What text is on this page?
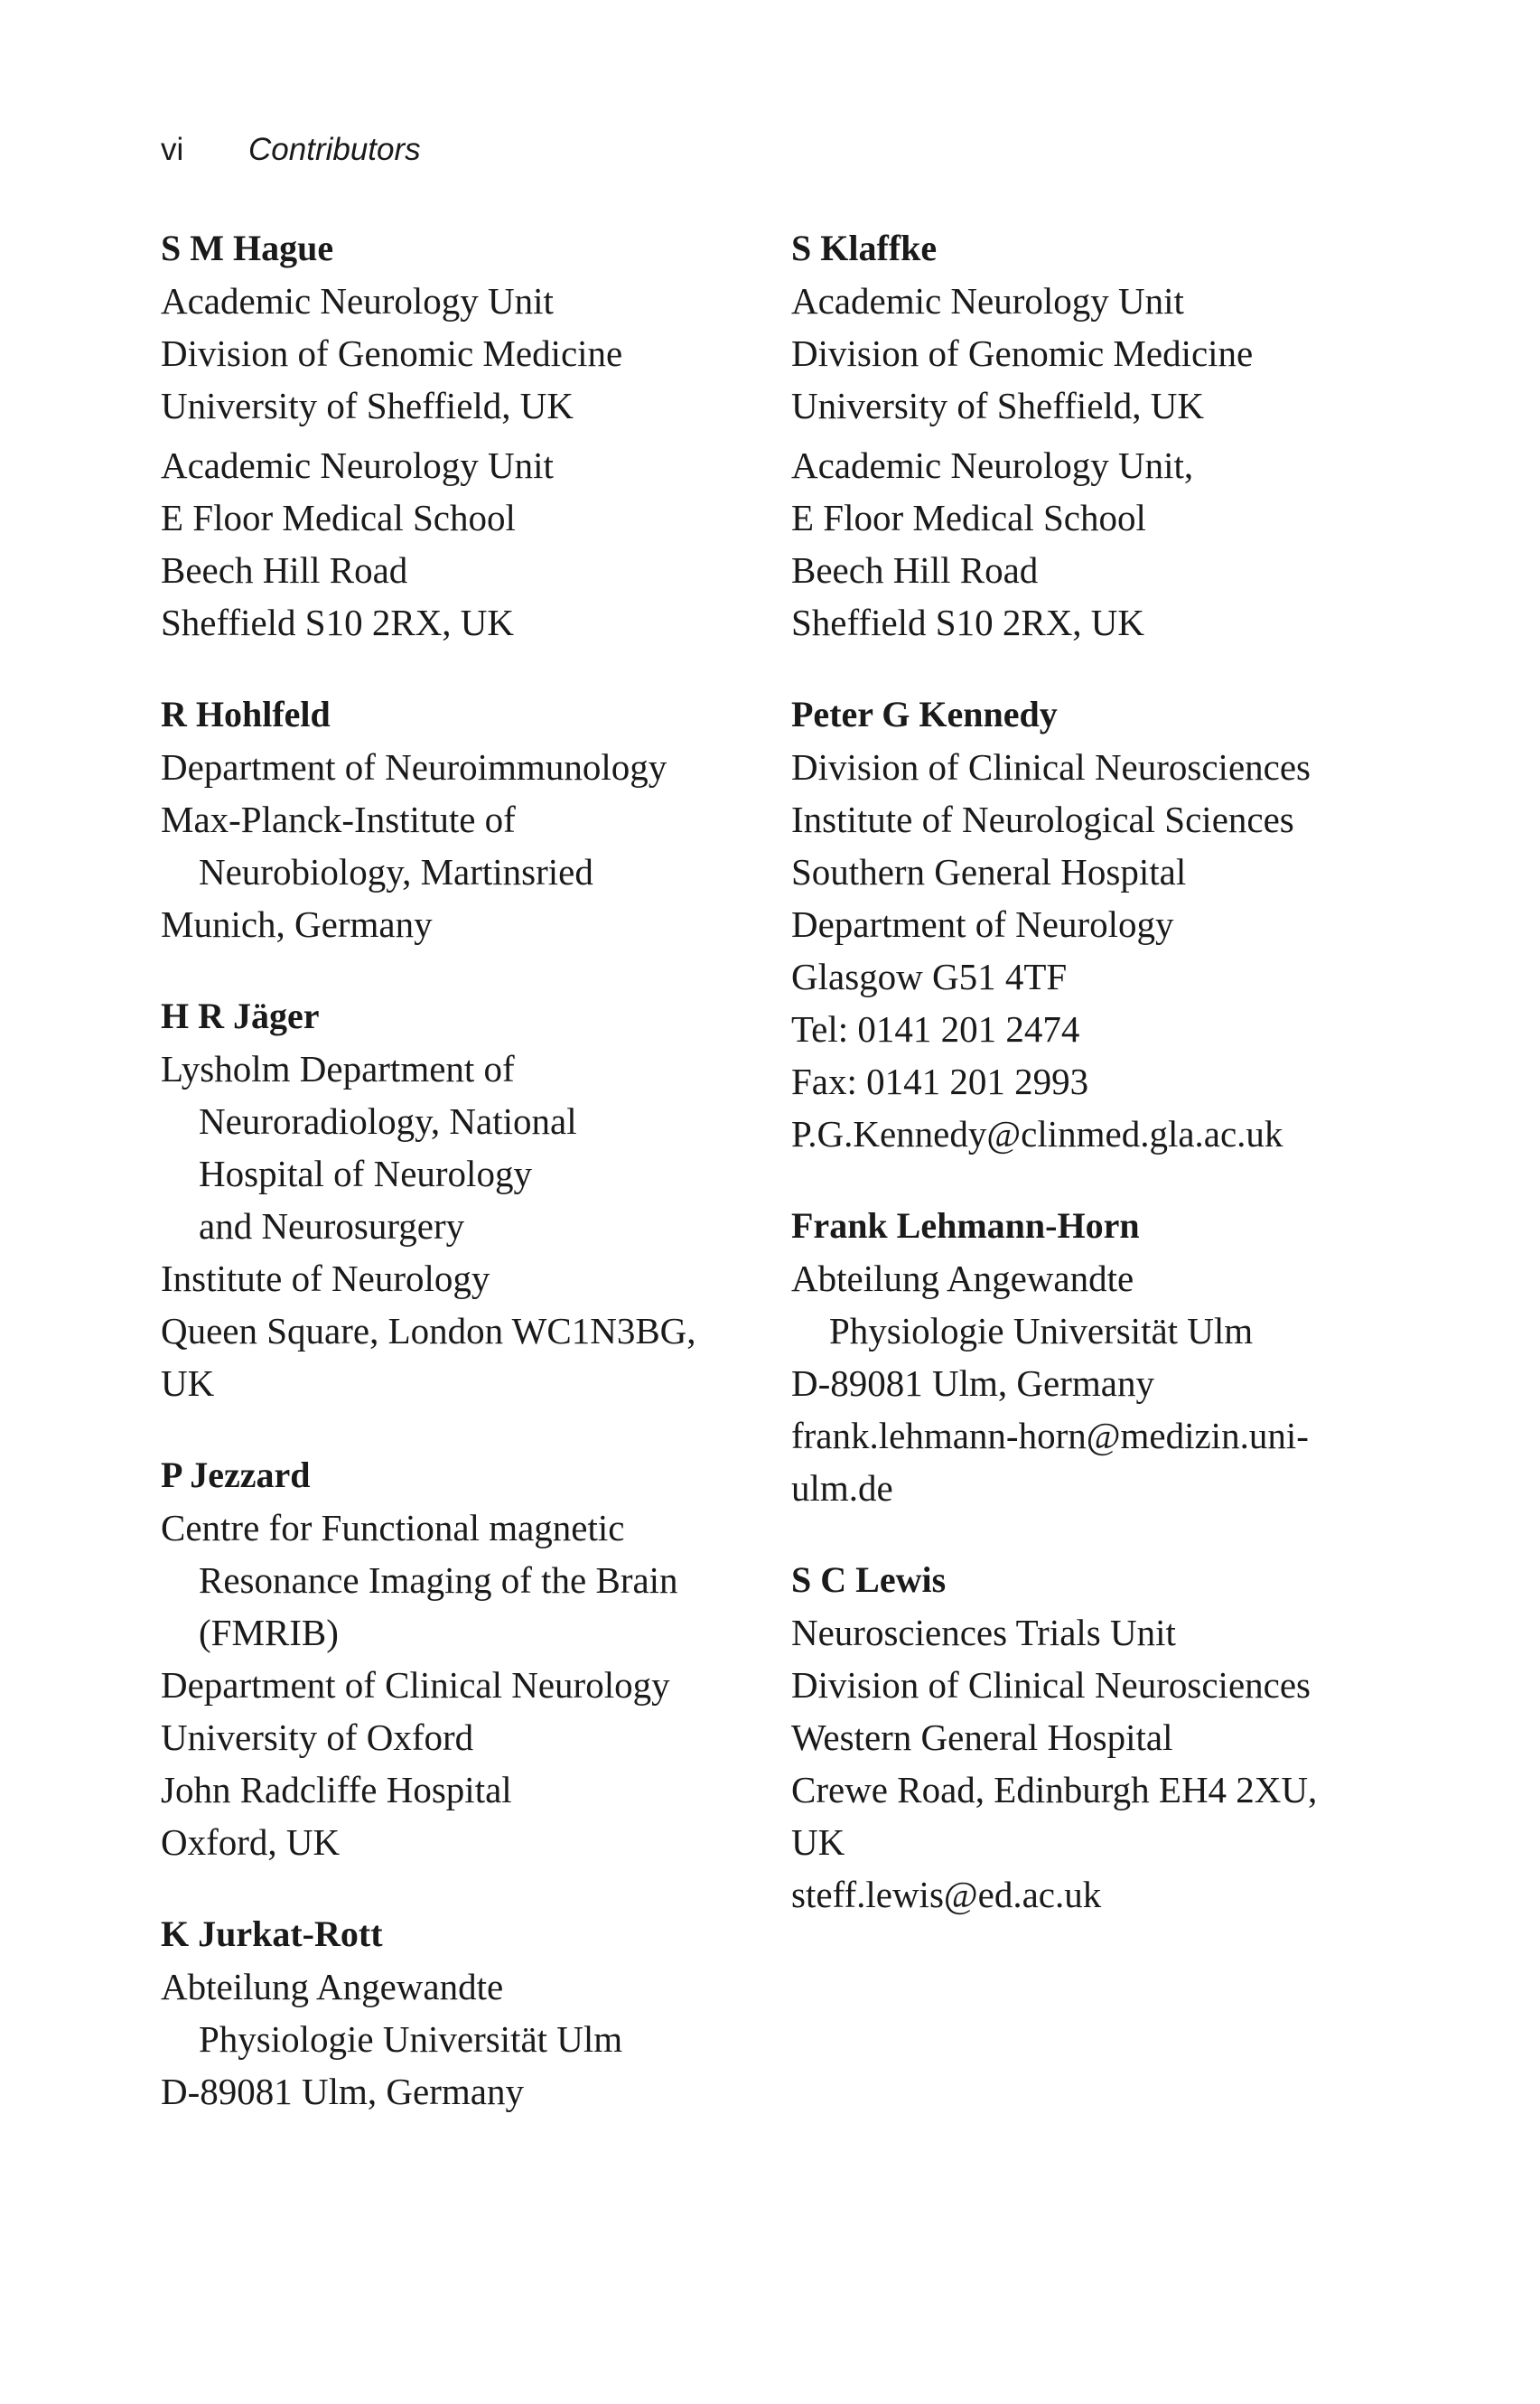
vi Contributors

S M Hague

Academic Neurology Unit

Division of Genomic Medicine

University of Sheffield, UK

Academic Neurology Unit

E Floor Medical School

Beech Hill Road

Sheffield S10 2RX, UK

R Hohlfeld

Department of Neuroimmunology

Max-Planck-Institute of

Neurobiology, Martinsried

Munich, Germany

H R Jäger

Lysholm Department of

Neuroradiology, National

Hospital of Neurology

and Neurosurgery

Institute of Neurology

Queen Square, London WC1N3BG,

UK

P Jezzard

Centre for Functional magnetic

Resonance Imaging of the Brain

(FMRIB)

Department of Clinical Neurology

University of Oxford

John Radcliffe Hospital

Oxford, UK

K Jurkat-Rott

Abteilung Angewandte

Physiologie Universität Ulm

D-89081 Ulm, Germany

S Klaffke

Academic Neurology Unit

Division of Genomic Medicine

University of Sheffield, UK

Academic Neurology Unit,

E Floor Medical School

Beech Hill Road

Sheffield S10 2RX, UK

Peter G Kennedy

Division of Clinical Neurosciences

Institute of Neurological Sciences

Southern General Hospital

Department of Neurology

Glasgow G51 4TF

Tel: 0141 201 2474

Fax: 0141 201 2993

P.G.Kennedy@clinmed.gla.ac.uk

Frank Lehmann-Horn

Abteilung Angewandte

Physiologie Universität Ulm

D-89081 Ulm, Germany

frank.lehmann-horn@medizin.uni-

ulm.de

S C Lewis

Neurosciences Trials Unit

Division of Clinical Neurosciences

Western General Hospital

Crewe Road, Edinburgh EH4 2XU,

UK

steff.lewis@ed.ac.uk
